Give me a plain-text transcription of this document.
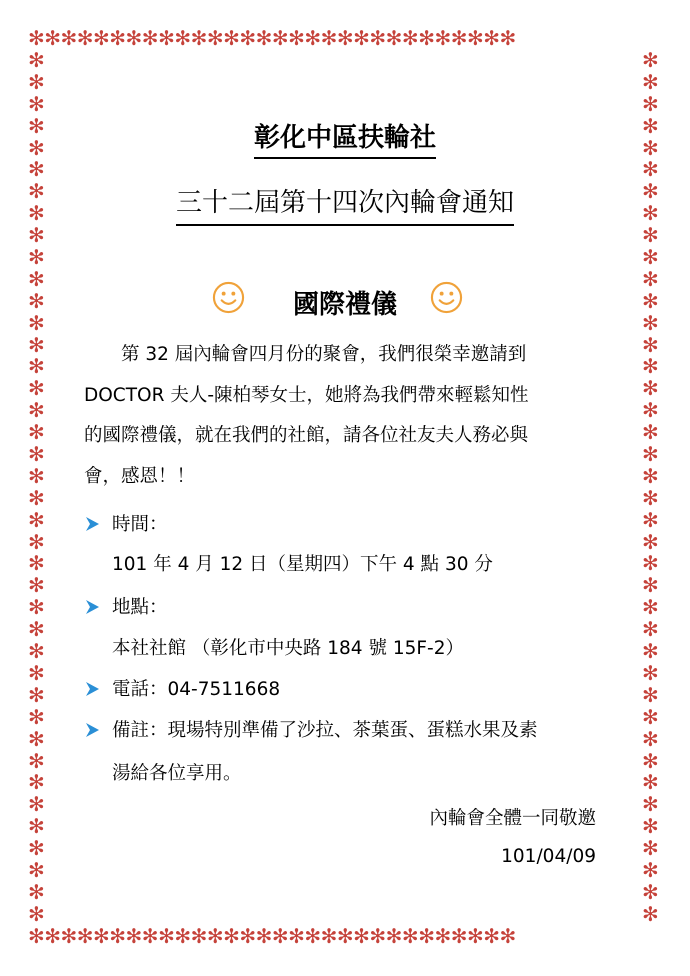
✻✻✻✻✻✻✻✻✻✻✻✻✻✻✻✻✻✻✻✻✻✻✻✻✻✻✻✻✻✻
✻✻✻✻✻✻✻✻✻✻✻✻✻✻✻✻✻✻✻✻✻✻✻✻✻✻✻✻✻✻
✻
✻
✻
✻
✻
✻
✻
✻
✻
✻
✻
✻
✻
✻
✻
✻
✻
✻
✻
✻
✻
✻
✻
✻
✻
✻
✻
✻
✻
✻
✻
✻
✻
✻
✻
✻
✻
✻
✻
✻
✻
✻
✻
✻
✻
✻
✻
✻
✻
✻
✻
✻
✻
✻
✻
✻
✻
✻
✻
✻
✻
✻
✻
✻
✻
✻
✻
✻
✻
✻
✻
✻
✻
✻
✻
✻
✻
✻
✻
✻
彰化中區扶輪社
三十二屆第十四次內輪會通知
國際禮儀

第 32 屆內輪會四月份的聚會，我們很榮幸邀請到

DOCTOR 夫人-陳柏琴女士，她將為我們帶來輕鬆知性

的國際禮儀，就在我們的社館，請各位社友夫人務必與

會，感恩！！

時間：
101 年 4 月 12 日（星期四）下午 4 點 30 分
地點：
本社社館 （彰化市中央路 184 號 15F-2）
電話：04-7511668
備註：現場特別準備了沙拉、茶葉蛋、蛋糕水果及素
湯給各位享用。
內輪會全體一同敬邀
101/04/09
